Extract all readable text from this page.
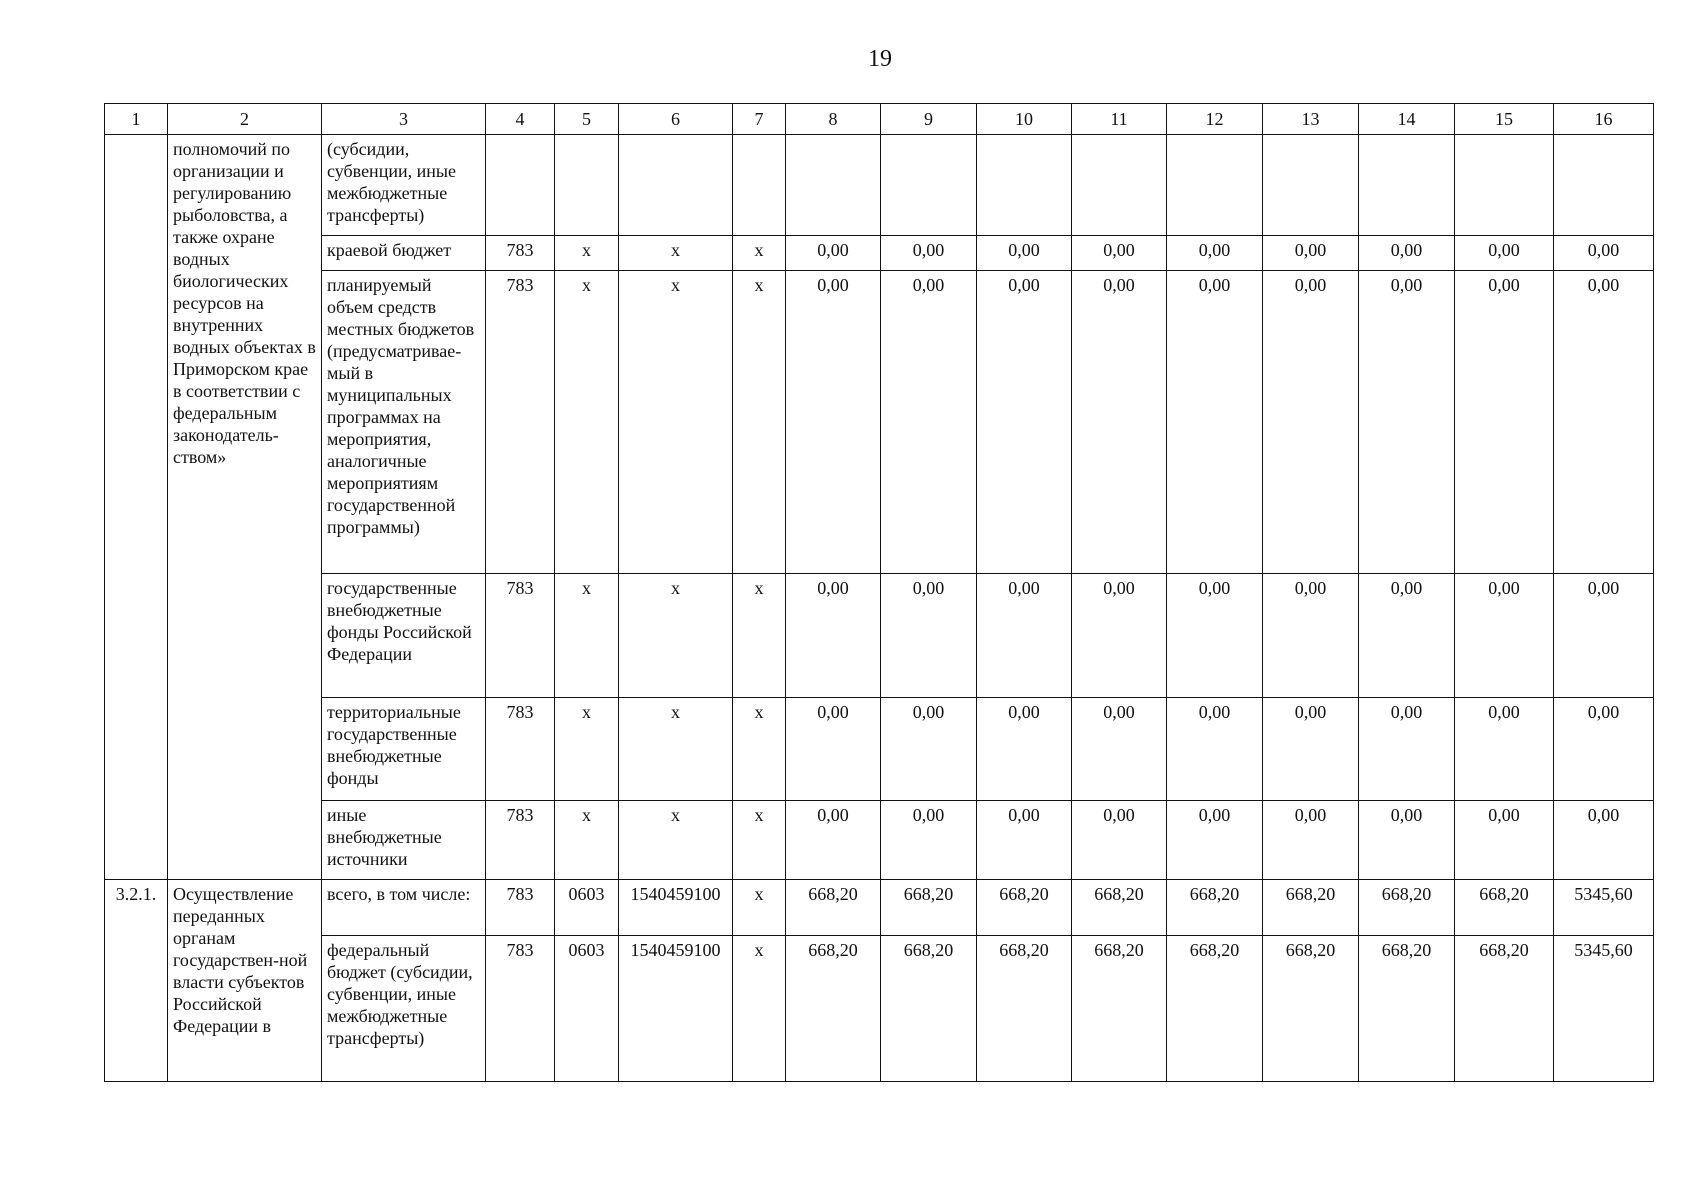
19
1	2	3	4	5	6	7	8	9	10	11	12	13	14	15	16
	полномочий по организации и регулированию рыболовства, а также охране водных биологических ресурсов на внутренних водных объектах в Приморском крае в соответствии с федеральным законодатель-ством»	(субсидии, субвенции, иные межбюджетные трансферты)													
		краевой бюджет	783	х	х	х	0,00	0,00	0,00	0,00	0,00	0,00	0,00	0,00	0,00
		планируемый объем средств местных бюджетов (предусматривае-мый в муниципальных программах на мероприятия, аналогичные мероприятиям государственной программы)	783	х	х	х	0,00	0,00	0,00	0,00	0,00	0,00	0,00	0,00	0,00
		государственные внебюджетные фонды Российской Федерации	783	х	х	х	0,00	0,00	0,00	0,00	0,00	0,00	0,00	0,00	0,00
		территориальные государственные внебюджетные фонды	783	х	х	х	0,00	0,00	0,00	0,00	0,00	0,00	0,00	0,00	0,00
		иные внебюджетные источники	783	х	х	х	0,00	0,00	0,00	0,00	0,00	0,00	0,00	0,00	0,00
3.2.1.	Осуществление переданных органам государствен-ной власти субъектов Российской Федерации в	всего, в том числе:	783	0603	1540459100	х	668,20	668,20	668,20	668,20	668,20	668,20	668,20	668,20	5345,60
		федеральный бюджет (субсидии, субвенции, иные межбюджетные трансферты)	783	0603	1540459100	х	668,20	668,20	668,20	668,20	668,20	668,20	668,20	668,20	5345,60
